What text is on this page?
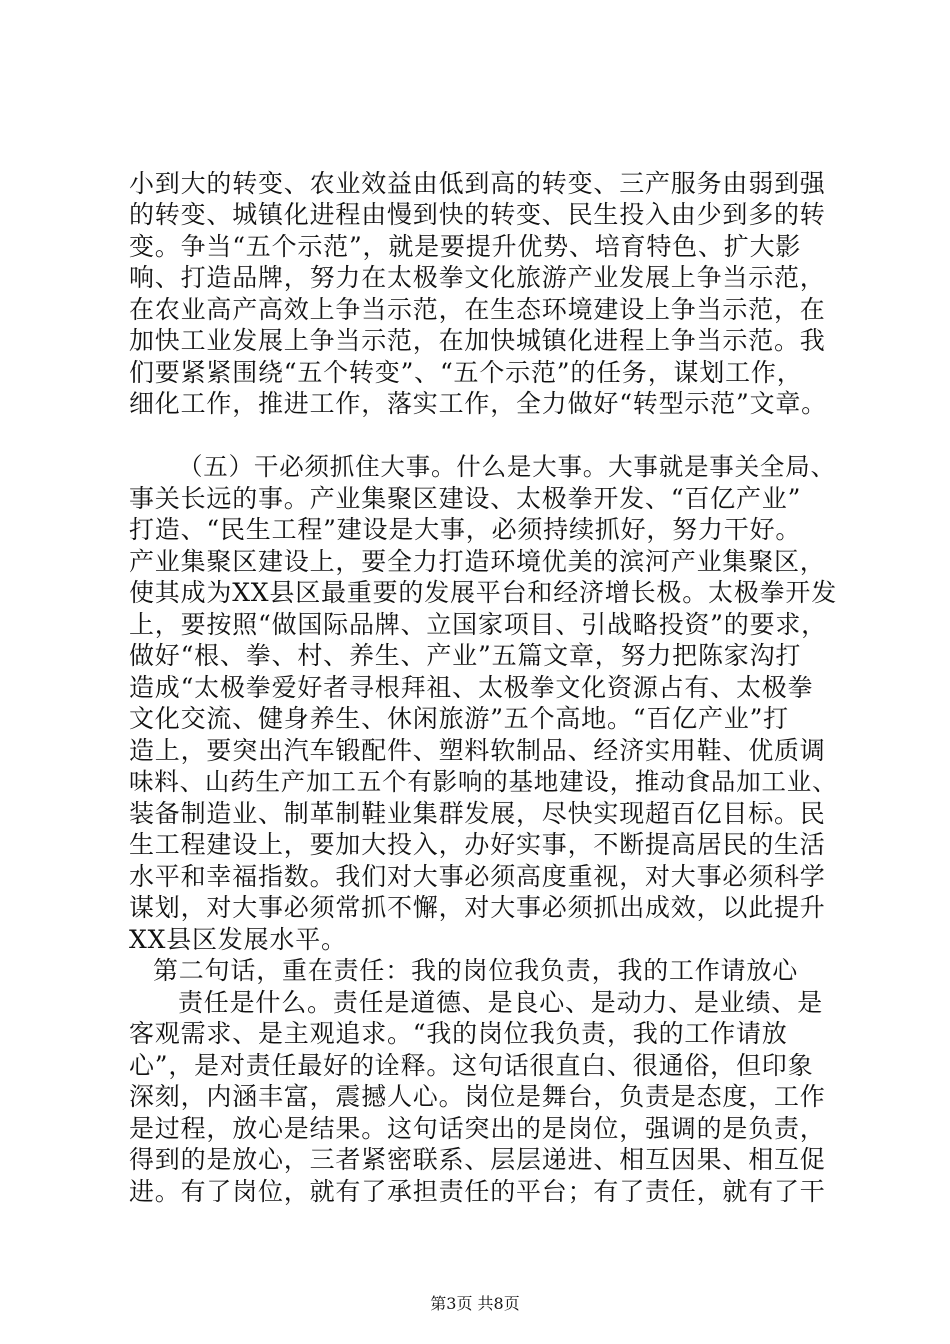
小到大的转变、农业效益由低到高的转变、三产服务由弱到强
的转变、城镇化进程由慢到快的转变、民生投入由少到多的转
变。争当“五个示范”，就是要提升优势、培育特色、扩大影
响、打造品牌，努力在太极拳文化旅游产业发展上争当示范，
在农业高产高效上争当示范，在生态环境建设上争当示范，在
加快工业发展上争当示范，在加快城镇化进程上争当示范。我
们要紧紧围绕“五个转变”、“五个示范”的任务，谋划工作，
细化工作，推进工作，落实工作，全力做好“转型示范”文章。
（五）干必须抓住大事。什么是大事。大事就是事关全局、
事关长远的事。产业集聚区建设、太极拳开发、“百亿产业”
打造、“民生工程”建设是大事，必须持续抓好，努力干好。
产业集聚区建设上，要全力打造环境优美的滨河产业集聚区，
使其成为XX县区最重要的发展平台和经济增长极。太极拳开发
上，要按照“做国际品牌、立国家项目、引战略投资”的要求，
做好“根、拳、村、养生、产业”五篇文章，努力把陈家沟打
造成“太极拳爱好者寻根拜祖、太极拳文化资源占有、太极拳
文化交流、健身养生、休闲旅游”五个高地。“百亿产业”打
造上，要突出汽车锻配件、塑料软制品、经济实用鞋、优质调
味料、山药生产加工五个有影响的基地建设，推动食品加工业、
装备制造业、制革制鞋业集群发展，尽快实现超百亿目标。民
生工程建设上，要加大投入，办好实事，不断提高居民的生活
水平和幸福指数。我们对大事必须高度重视，对大事必须科学
谋划，对大事必须常抓不懈，对大事必须抓出成效，以此提升
XX县区发展水平。
第二句话，重在责任：我的岗位我负责，我的工作请放心
责任是什么。责任是道德、是良心、是动力、是业绩、是
客观需求、是主观追求。“我的岗位我负责，我的工作请放
心”，是对责任最好的诠释。这句话很直白、很通俗，但印象
深刻，内涵丰富，震撼人心。岗位是舞台，负责是态度，工作
是过程，放心是结果。这句话突出的是岗位，强调的是负责，
得到的是放心，三者紧密联系、层层递进、相互因果、相互促
进。有了岗位，就有了承担责任的平台；有了责任，就有了干
第3页 共8页
